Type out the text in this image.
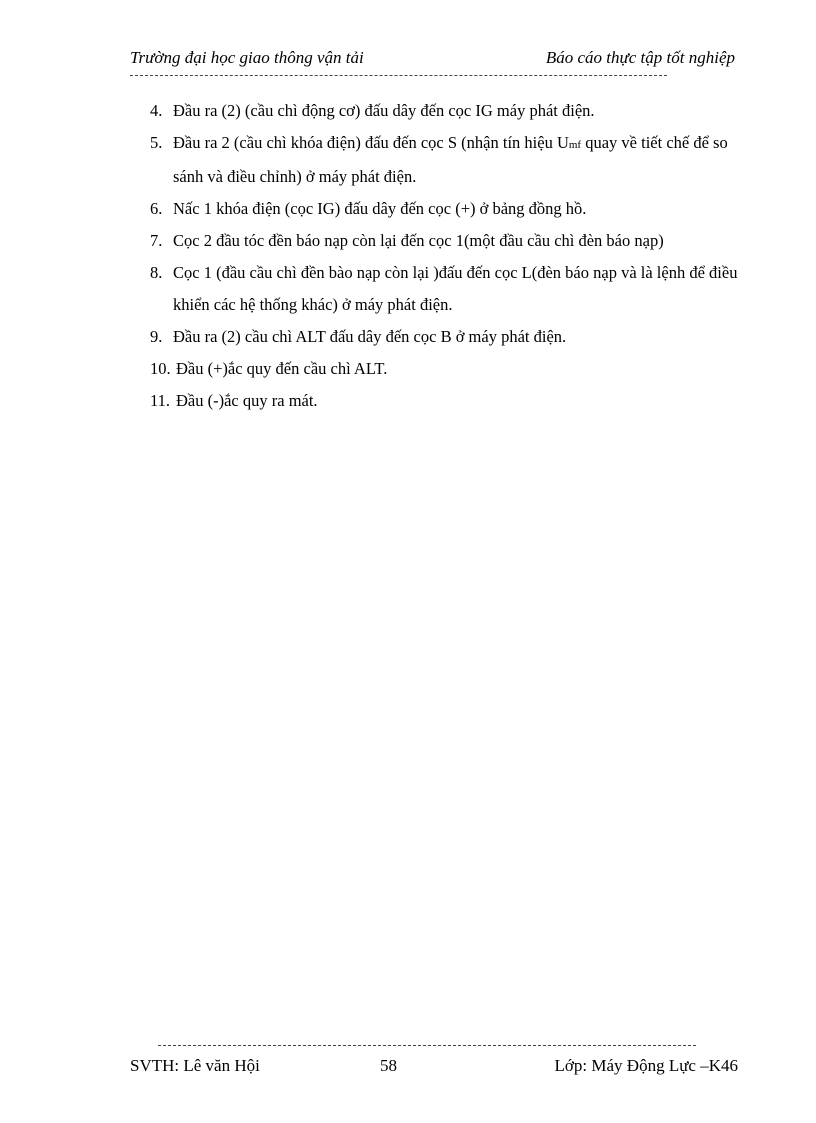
Trường đại học giao thông vận tải	Báo cáo thực tập tốt nghiệp
4. Đầu ra (2) (cầu chì động cơ) đấu dây đến cọc IG máy phát điện.
5. Đầu ra 2 (cầu chì khóa điện) đấu đến cọc S (nhận tín hiệu Umf quay về tiết chế để so sánh và điều chỉnh) ở máy phát điện.
6. Nấc 1 khóa điện (cọc IG) đấu dây đến cọc (+) ở bảng đồng hồ.
7. Cọc 2 đầu tóc đền báo nạp còn lại đến cọc 1(một đầu cầu chì đèn báo nạp)
8. Cọc 1 (đầu cầu chì đền bào nạp còn lại )đấu đến cọc L(đèn báo nạp và là lệnh để điều khiển các hệ thống khác) ở máy phát điện.
9. Đầu ra (2) cầu chì ALT đấu dây đến cọc B ở máy phát điện.
10. Đầu (+)ắc quy đến cầu chì ALT.
11. Đầu (-)ắc quy ra mát.
SVTH: Lê văn Hội	58	Lớp: Máy Động Lực –K46
